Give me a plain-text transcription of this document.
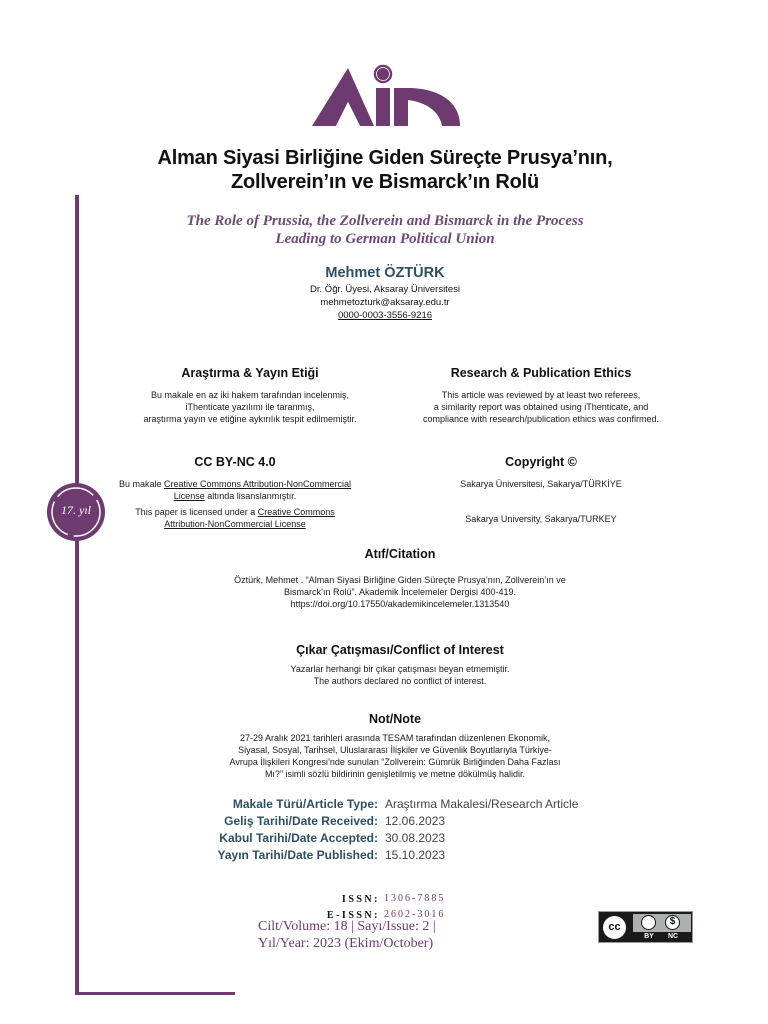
Alman Siyasi Birliğine Giden Süreçte Prusya’nın,
Zollverein’ın ve Bismarck’ın Rolü
The Role of Prussia, the Zollverein and Bismarck in the Process
Leading to German Political Union
Mehmet ÖZTÜRK
Dr. Öğr. Üyesi, Aksaray Üniversitesi
mehmetozturk@aksaray.edu.tr
0000-0003-3556-9216
17. yıl
Araştırma & Yayın Etiği
Bu makale en az iki hakem tarafından incelenmiş,
iThenticate yazılımı ile taranmış,
araştırma yayın ve etiğine aykırılık tespit edilmemiştir.
Research & Publication Ethics
This article was reviewed by at least two referees,
a similarity report was obtained using iThenticate, and
compliance with research/publication ethics was confirmed.
CC BY-NC 4.0
Bu makale Creative Commons Attribution-NonCommercial
License altında lisanslanmıştır.
This paper is licensed under a Creative Commons
Attribution-NonCommercial License
Copyright ©
Sakarya Üniversitesi, Sakarya/TÜRKİYE
Sakarya University, Sakarya/TURKEY
Atıf/Citation
Öztürk, Mehmet . “Alman Siyasi Birliğine Giden Süreçte Prusya’nın, Zollverein’ın ve
Bismarck’ın Rolü”. Akademik İncelemeler Dergisi 400-419.
https://doi.org/10.17550/akademikincelemeler.1313540
Çıkar Çatışması/Conflict of Interest
Yazarlar herhangi bir çıkar çatışması beyan etmemiştir.
The authors declared no conflict of interest.
Not/Note
27-29 Aralık 2021 tarihleri arasında TESAM tarafından düzenlenen Ekonomik,
Siyasal, Sosyal, Tarihsel, Uluslararası İlişkiler ve Güvenlik Boyutlarıyla Türkiye-
Avrupa İlişkileri Kongresi’nde sunulan “Zollverein: Gümrük Birliğinden Daha Fazlası
Mı?” isimli sözlü bildirinin genişletilmiş ve metne dökülmüş halidir.
Makale Türü/Article Type: Araştırma Makalesi/Research Article
Geliş Tarihi/Date Received: 12.06.2023
Kabul Tarihi/Date Accepted: 30.08.2023
Yayın Tarihi/Date Published: 15.10.2023
ISSN: 1306-7885
E-ISSN: 2602-3016
Cilt/Volume: 18 | Sayı/Issue: 2 |
Yıl/Year: 2023 (Ekim/October)
cc	$
BY	NC
